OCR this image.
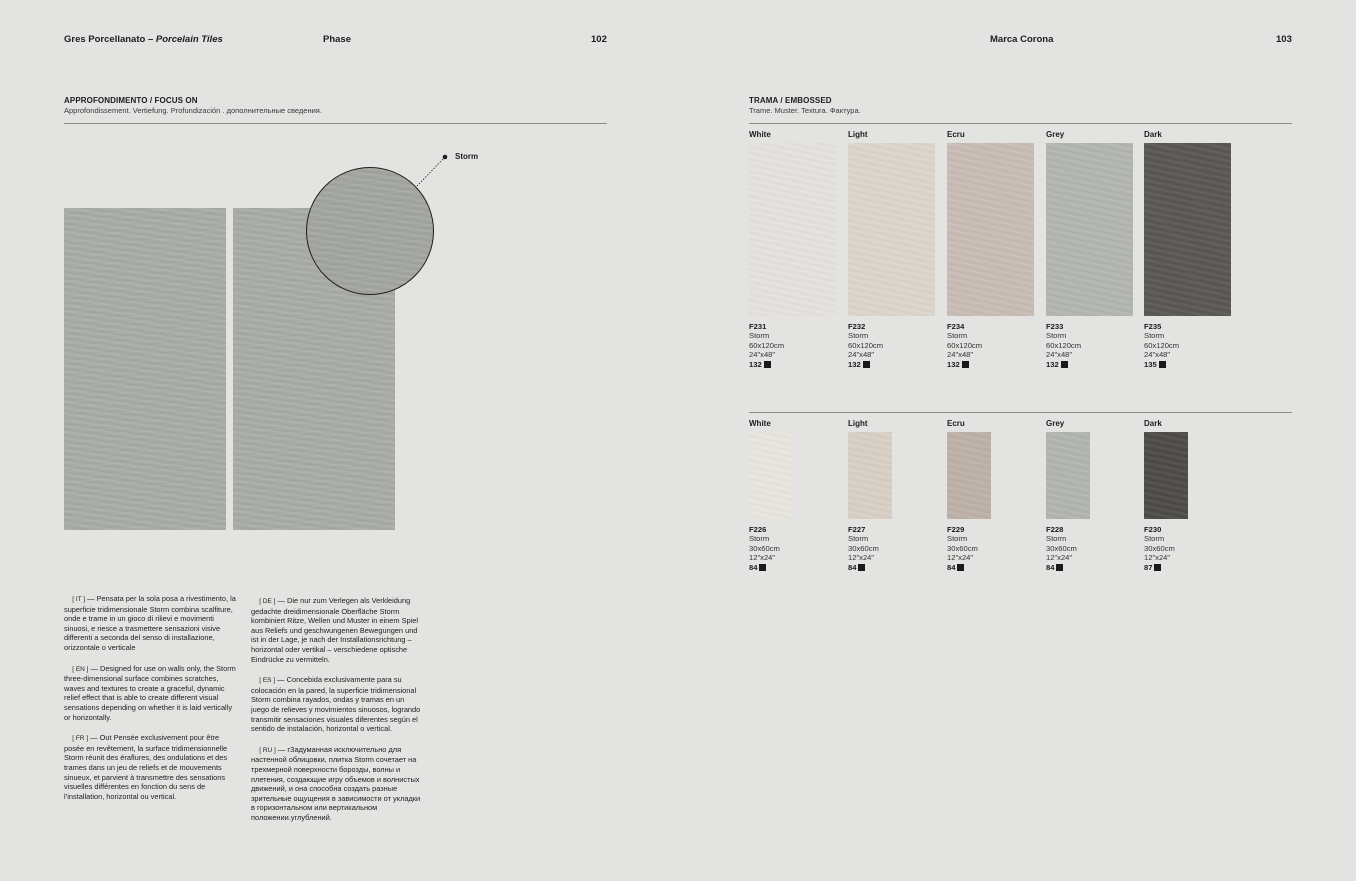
Gres Porcellanato – Porcelain Tiles	Phase	102	Marca Corona	103
APPROFONDIMENTO / FOCUS ON
Approfondissement. Vertiefung. Profundización . дополнительные сведения.
Storm

[ IT ] — Pensata per la sola posa a rivestimento, la superficie tridimensionale Storm combina scalfiture, onde e trame in un gioco di rilievi e movimenti sinuosi, e riesce a trasmettere sensazioni visive differenti a seconda del senso di installazione, orizzontale o verticale

[ EN ] — Designed for use on walls only, the Storm three-dimensional surface combines scratches, waves and textures to create a graceful, dynamic relief effect that is able to create different visual sensations depending on whether it is laid vertically or horizontally.

[ FR ] — Out Pensée exclusivement pour être posée en revêtement, la surface tridimensionnelle Storm réunit des éraflures, des ondulations et des trames dans un jeu de reliefs et de mouvements sinueux, et parvient à transmettre des sensations visuelles différentes en fonction du sens de l’installation, horizontal ou vertical.

[ DE ] — Die nur zum Verlegen als Verkleidung gedachte dreidimensionale Oberfläche Storm kombiniert Ritze, Wellen und Muster in einem Spiel aus Reliefs und geschwungenen Bewegungen und ist in der Lage, je nach der Installationsrichtung – horizontal oder vertikal – verschiedene optische Eindrücke zu vermitteln.

[ ES ] — Concebida exclusivamente para su colocación en la pared, la superficie tridimensional Storm combina rayados, ondas y tramas en un juego de relieves y movimientos sinuosos, logrando transmitir sensaciones visuales diferentes según el sentido de instalación, horizontal o vertical.

[ RU ] — гЗадуманная исключительно для настенной облицовки, плитка Storm сочетает на трехмерной поверхности борозды, волны и плетения, создающие игру объемов и волнистых движений, и она способна создать разные зрительные ощущения в зависимости от укладки в горизонтальном или вертикальном положении.углублений.

TRAMA / EMBOSSED
Trame. Muster. Textura. Фактура.
White
F231
Storm
60x120cm
24"x48"
132
Light
F232
Storm
60x120cm
24"x48"
132
Ecru
F234
Storm
60x120cm
24"x48"
132
Grey
F233
Storm
60x120cm
24"x48"
132
Dark
F235
Storm
60x120cm
24"x48"
135
White
F226
Storm
30x60cm
12"x24"
84
Light
F227
Storm
30x60cm
12"x24"
84
Ecru
F229
Storm
30x60cm
12"x24"
84
Grey
F228
Storm
30x60cm
12"x24"
84
Dark
F230
Storm
30x60cm
12"x24"
87
